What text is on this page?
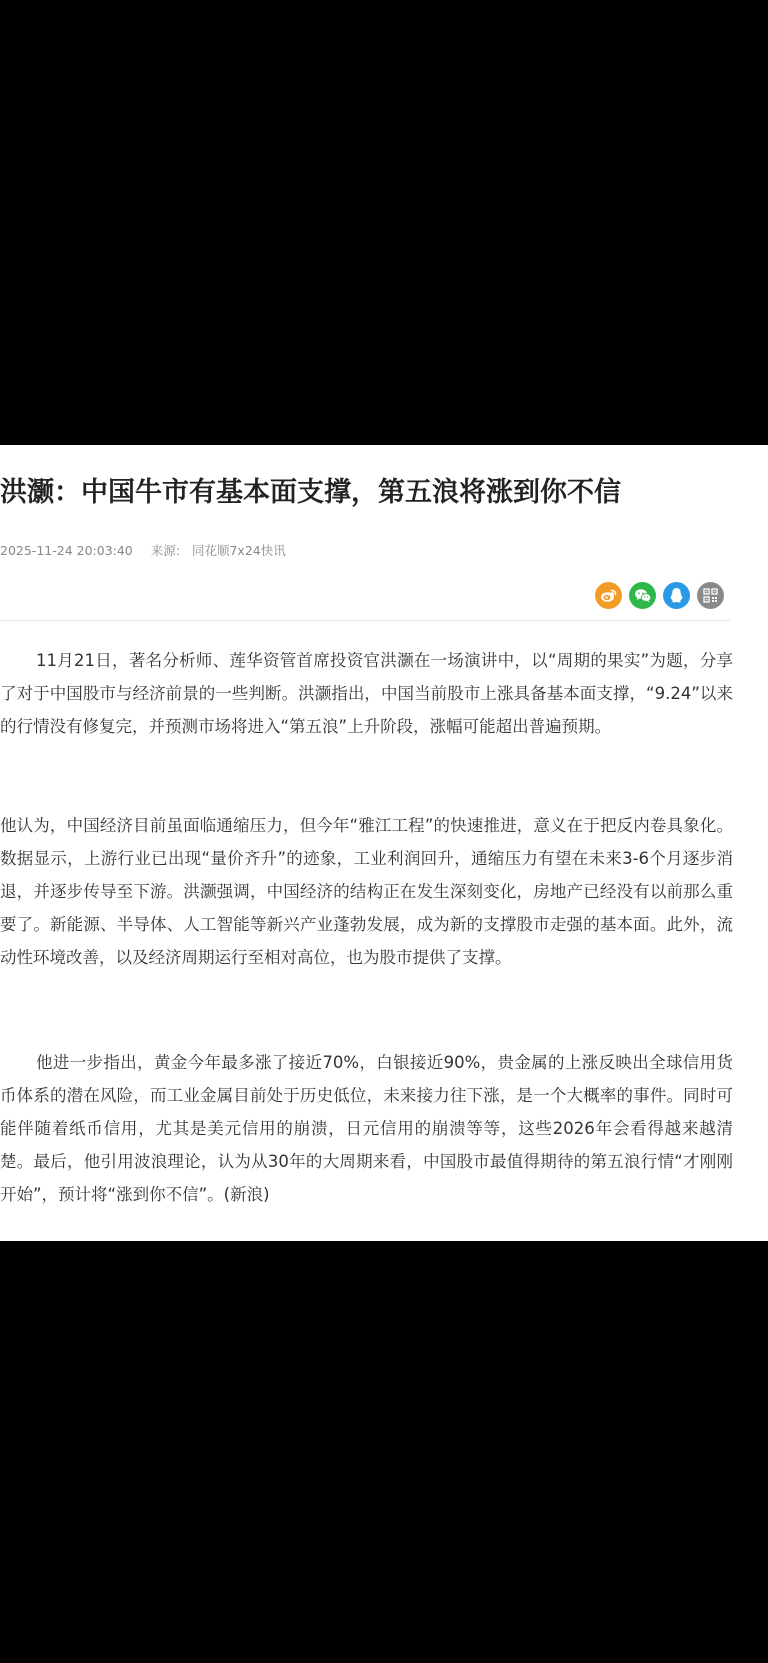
洪灏：中国牛市有基本面支撑，第五浪将涨到你不信
2025-11-24 20:03:40 来源: 同花顺7x24快讯

11月21日，著名分析师、莲华资管首席投资官洪灏在一场演讲中，以“周期的果实”为题，分享了对于中国股市与经济前景的一些判断。洪灏指出，中国当前股市上涨具备基本面支撑，“9.24”以来的行情没有修复完，并预测市场将进入“第五浪”上升阶段，涨幅可能超出普遍预期。

他认为，中国经济目前虽面临通缩压力，但今年“雅江工程”的快速推进，意义在于把反内卷具象化。数据显示，上游行业已出现“量价齐升”的迹象，工业利润回升，通缩压力有望在未来3-6个月逐步消退，并逐步传导至下游。洪灏强调，中国经济的结构正在发生深刻变化，房地产已经没有以前那么重要了。新能源、半导体、人工智能等新兴产业蓬勃发展，成为新的支撑股市走强的基本面。此外，流动性环境改善，以及经济周期运行至相对高位，也为股市提供了支撑。

他进一步指出，黄金今年最多涨了接近70%，白银接近90%，贵金属的上涨反映出全球信用货币体系的潜在风险，而工业金属目前处于历史低位，未来接力往下涨，是一个大概率的事件。同时可能伴随着纸币信用，尤其是美元信用的崩溃，日元信用的崩溃等等，这些2026年会看得越来越清楚。最后，他引用波浪理论，认为从30年的大周期来看，中国股市最值得期待的第五浪行情“才刚刚开始”，预计将“涨到你不信”。(新浪)
